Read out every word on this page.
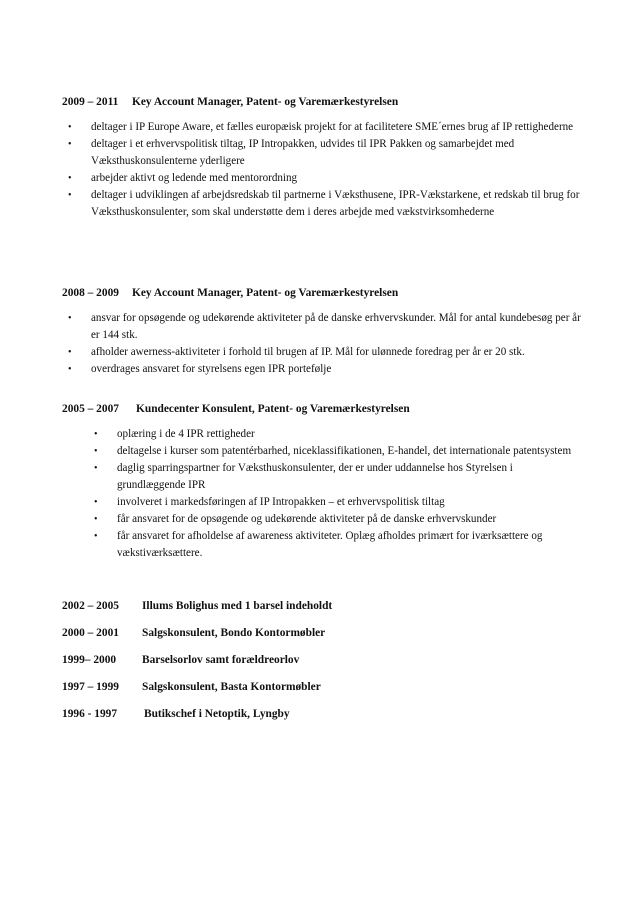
2009 – 2011 Key Account Manager, Patent- og Varemærkestyrelsen
• deltager i IP Europe Aware, et fælles europæisk projekt for at facilitetere SME´ernes brug af IP rettighederne
• deltager i et erhvervspolitisk tiltag, IP Intropakken, udvides til IPR Pakken og samarbejdet med Væksthuskonsulenterne yderligere
• arbejder aktivt og ledende med mentorordning
• deltager i udviklingen af arbejdsredskab til partnerne i Væksthusene, IPR-Vækstarkene, et redskab til brug for Væksthuskonsulenter, som skal understøtte dem i deres arbejde med vækstvirksomhederne
2008 – 2009 Key Account Manager, Patent- og Varemærkestyrelsen
• ansvar for opsøgende og udekørende aktiviteter på de danske erhvervskunder. Mål for antal kundebesøg per år er 144 stk.
• afholder awerness-aktiviteter i forhold til brugen af IP. Mål for ulønnede foredrag per år er 20 stk.
• overdrages ansvaret for styrelsens egen IPR portefølje
2005 – 2007 Kundecenter Konsulent, Patent- og Varemærkestyrelsen
• oplæring i de 4 IPR rettigheder
• deltagelse i kurser som patentérbarhed, niceklassifikationen, E-handel, det internationale patentsystem
• daglig sparringspartner for Væksthuskonsulenter, der er under uddannelse hos Styrelsen i grundlæggende IPR
• involveret i markedsføringen af IP Intropakken – et erhvervspolitisk tiltag
• får ansvaret for de opsøgende og udekørende aktiviteter på de danske erhvervskunder
• får ansvaret for afholdelse af awareness aktiviteter. Oplæg afholdes primært for iværksættere og vækstiværksættere.
2002 – 2005 Illums Bolighus med 1 barsel indeholdt
2000 – 2001 Salgskonsulent, Bondo Kontormøbler
1999– 2000 Barselsorlov samt forældreorlov
1997 – 1999 Salgskonsulent, Basta Kontormøbler
1996 - 1997 Butikschef i Netoptik, Lyngby
